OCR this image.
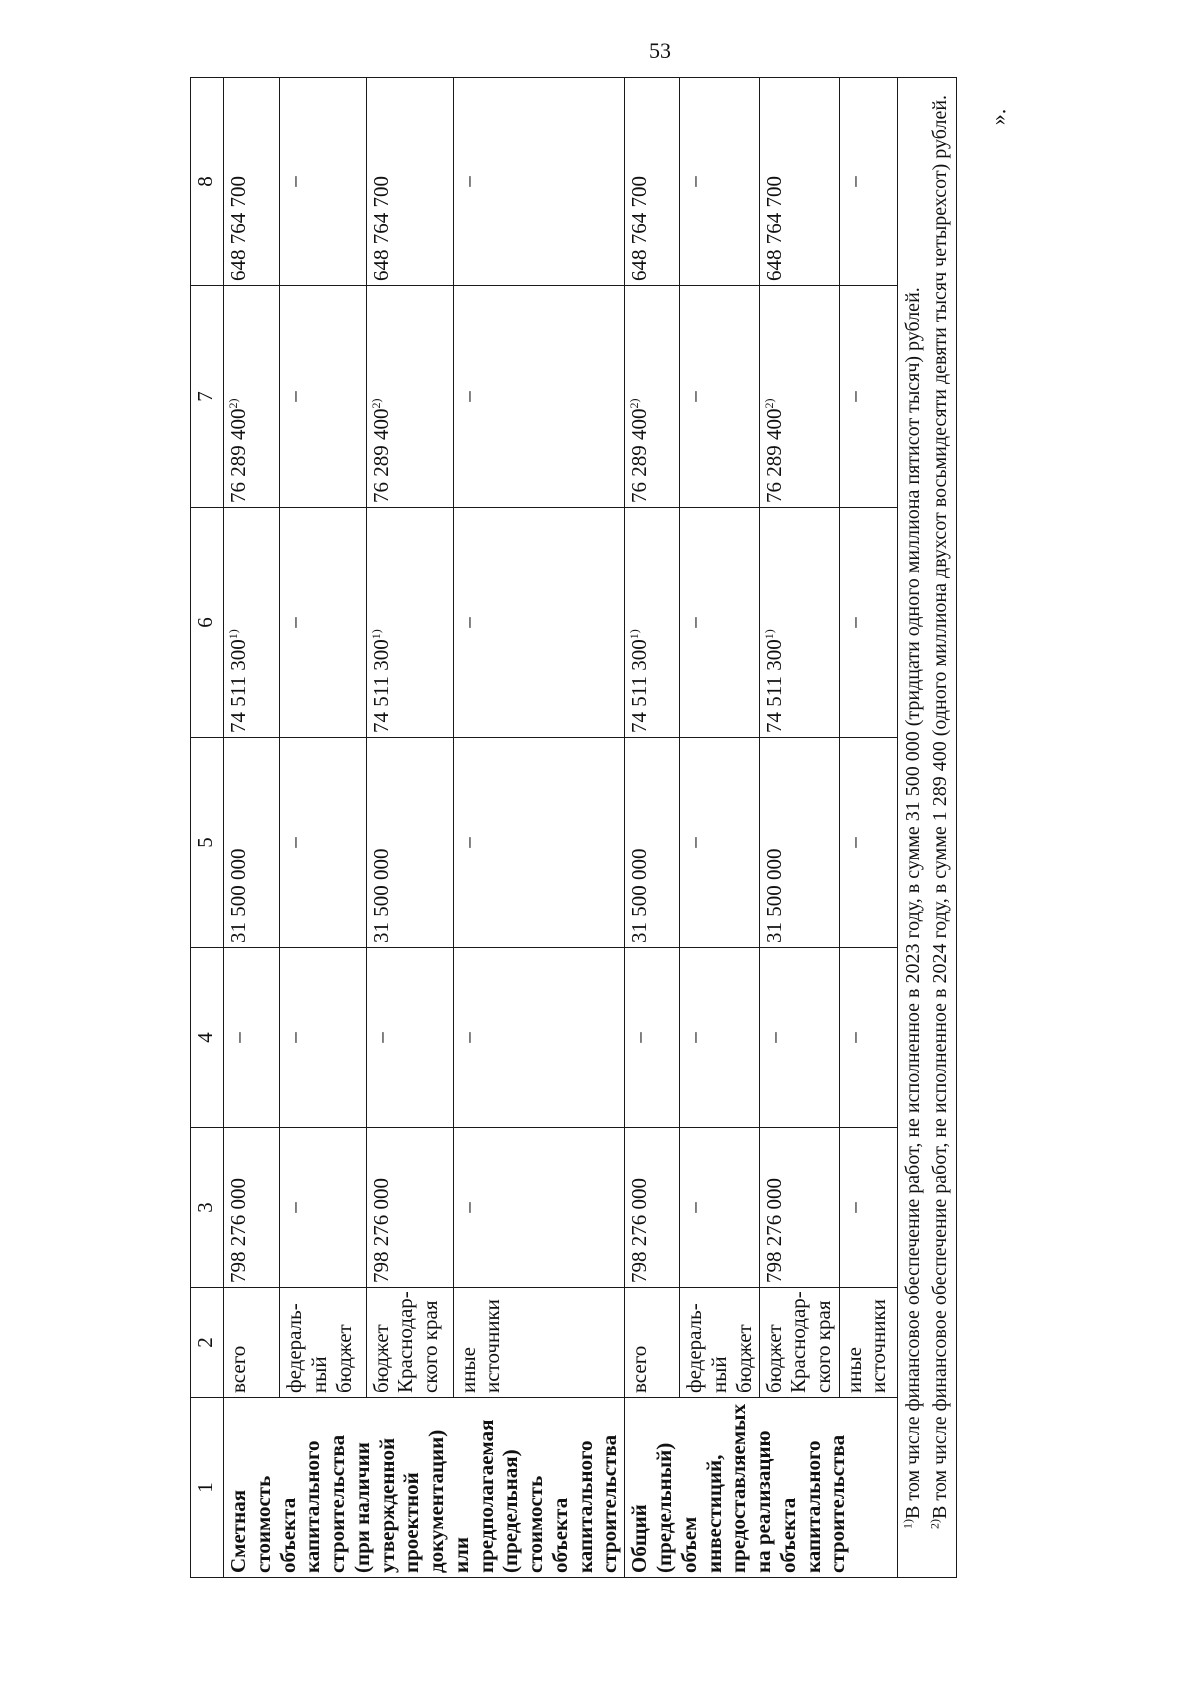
53
».
1	2	3	4	5	6	7	8
Сметная стоимость объекта капитального строительства (при наличии утвержденной проектной документации) или предполагаемая (предельная) стоимость объекта капитального строительства	всего	798 276 000	–	31 500 000	74 511 300$^{1)}$	76 289 400$^{2)}$	648 764 700
	федераль-ный бюджет	–	–	–	–	–	–
	бюджет Краснодар-ского края	798 276 000	–	31 500 000	74 511 300$^{1)}$	76 289 400$^{2)}$	648 764 700
	иные источники	–	–	–	–	–	–
Общий (предельный) объем инвестиций, предоставляемых на реализацию объекта капитального строительства	всего	798 276 000	–	31 500 000	74 511 300$^{1)}$	76 289 400$^{2)}$	648 764 700
	федераль-ный бюджет	–	–	–	–	–	–
	бюджет Краснодар-ского края	798 276 000	–	31 500 000	74 511 300$^{1)}$	76 289 400$^{2)}$	648 764 700
	иные источники	–	–	–	–	–	–

$^{1)}$В том числе финансовое обеспечение работ, не исполненное в 2023 году, в сумме 31 500 000 (тридцати одного миллиона пятисот тысяч) рублей.

$^{2)}$В том числе финансовое обеспечение работ, не исполненное в 2024 году, в сумме 1 289 400 (одного миллиона двухсот восьмидесяти девяти тысяч четырехсот) рублей.							
